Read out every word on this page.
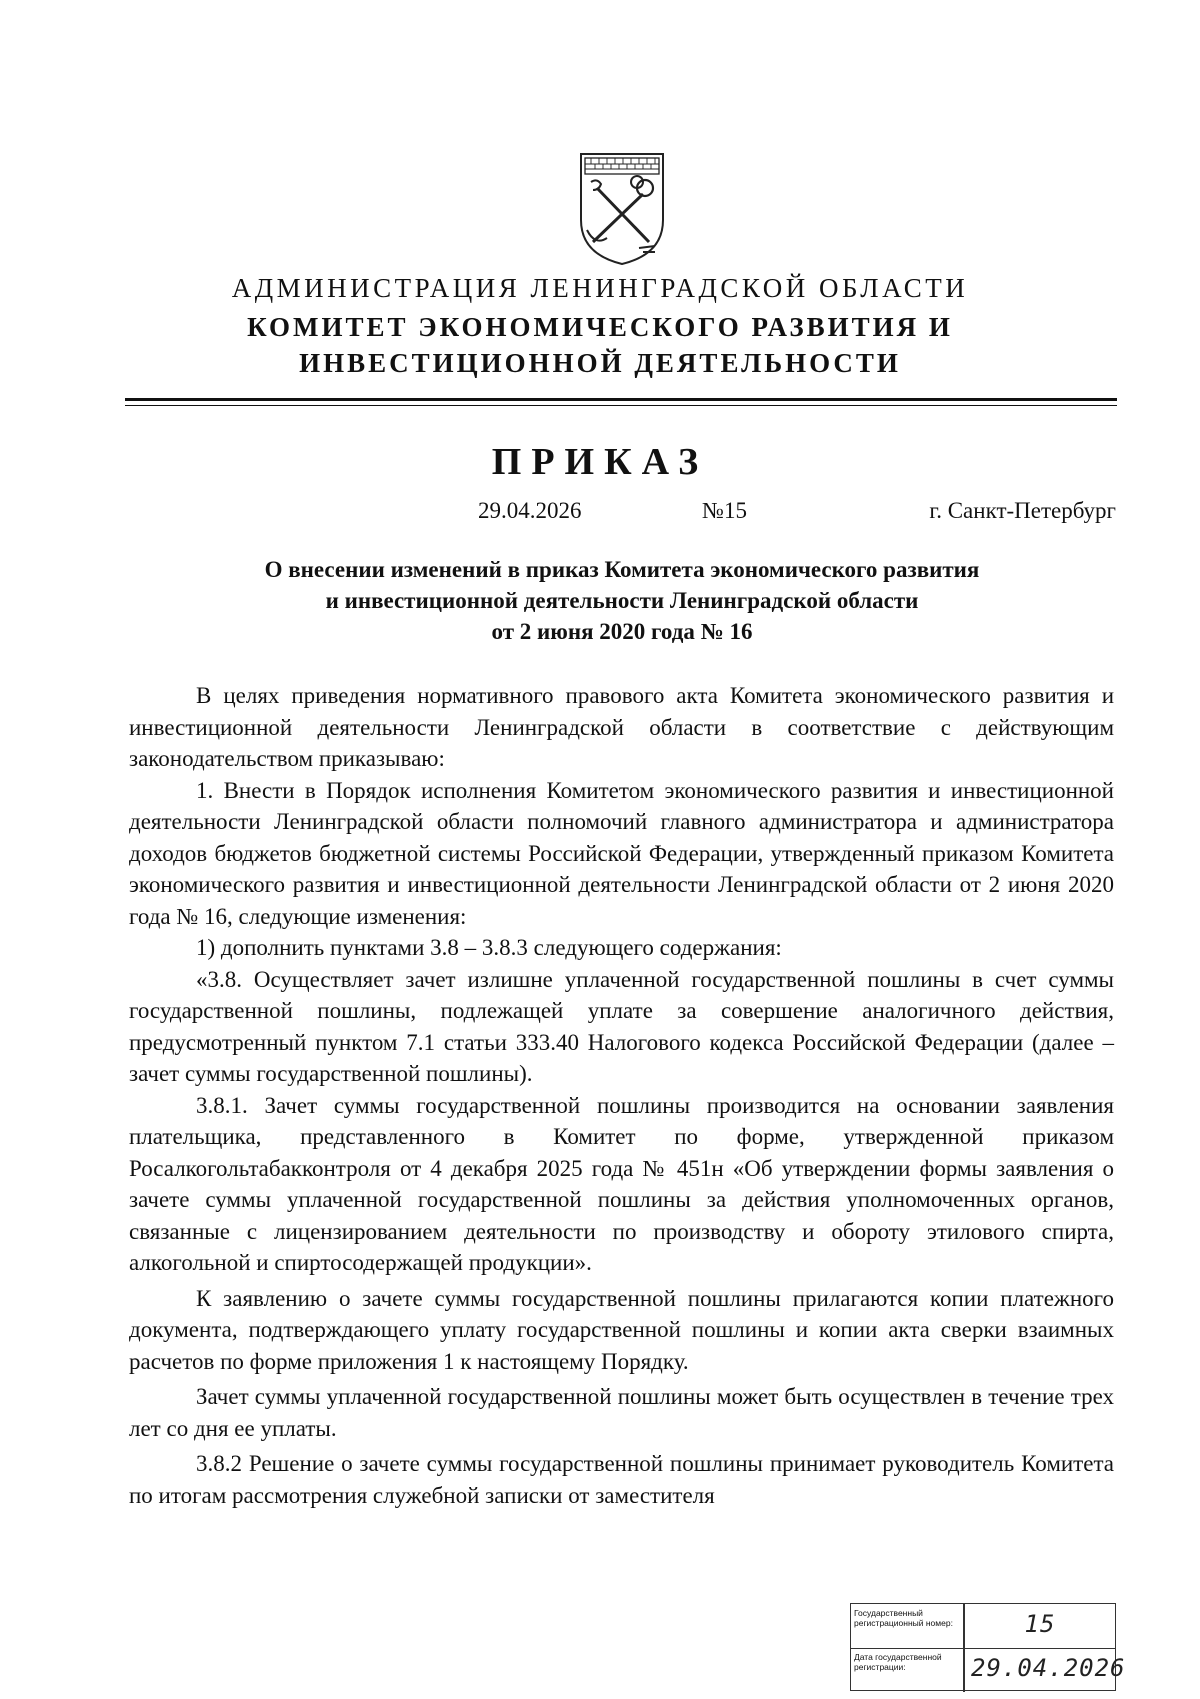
АДМИНИСТРАЦИЯ ЛЕНИНГРАДСКОЙ ОБЛАСТИ
КОМИТЕТ ЭКОНОМИЧЕСКОГО РАЗВИТИЯ И
ИНВЕСТИЦИОННОЙ ДЕЯТЕЛЬНОСТИ
ПРИКАЗ
29.04.2026	№15	г. Санкт-Петербург
О внесении изменений в приказ Комитета экономического развития
и инвестиционной деятельности Ленинградской области
от 2 июня 2020 года № 16

В целях приведения нормативного правового акта Комитета экономического развития и инвестиционной деятельности Ленинградской области в соответствие с действующим законодательством приказываю:

1. Внести в Порядок исполнения Комитетом экономического развития и инвестиционной деятельности Ленинградской области полномочий главного администратора и администратора доходов бюджетов бюджетной системы Российской Федерации, утвержденный приказом Комитета экономического развития и инвестиционной деятельности Ленинградской области от 2 июня 2020 года № 16, следующие изменения:

1) дополнить пунктами 3.8 – 3.8.3 следующего содержания:

«3.8. Осуществляет зачет излишне уплаченной государственной пошлины в счет суммы государственной пошлины, подлежащей уплате за совершение аналогичного действия, предусмотренный пунктом 7.1 статьи 333.40 Налогового кодекса Российской Федерации (далее – зачет суммы государственной пошлины).

3.8.1. Зачет суммы государственной пошлины производится на основании заявления плательщика, представленного в Комитет по форме, утвержденной приказом Росалкогольтабакконтроля от 4 декабря 2025 года № 451н «Об утверждении формы заявления о зачете суммы уплаченной государственной пошлины за действия уполномоченных органов, связанные с лицензированием деятельности по производству и обороту этилового спирта, алкогольной и спиртосодержащей продукции».

К заявлению о зачете суммы государственной пошлины прилагаются копии платежного документа, подтверждающего уплату государственной пошлины и копии акта сверки взаимных расчетов по форме приложения 1 к настоящему Порядку.

Зачет суммы уплаченной государственной пошлины может быть осуществлен в течение трех лет со дня ее уплаты.

3.8.2 Решение о зачете суммы государственной пошлины принимает руководитель Комитета по итогам рассмотрения служебной записки от заместителя

Государственный регистрационный номер:	15
Дата государственной регистрации:	29.04.2026
